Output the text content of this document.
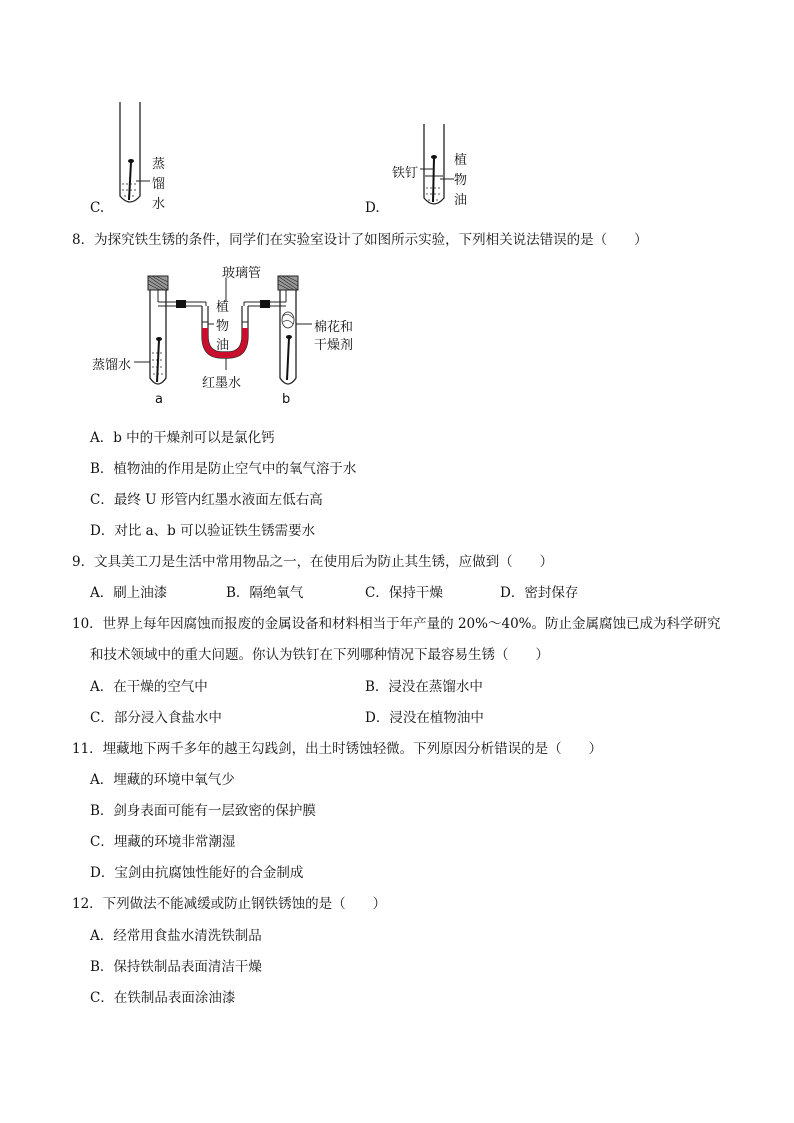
蒸
馏
水
C.
铁钉
植
物
油
D.
8．为探究铁生锈的条件，同学们在实验室设计了如图所示实验，下列相关说法错误的是（　　）
玻璃管
植
物
油
棉花和
干燥剂
蒸馏水
红墨水
a	b
A．b 中的干燥剂可以是氯化钙
B．植物油的作用是防止空气中的氧气溶于水
C．最终 U 形管内红墨水液面左低右高
D．对比 a、b 可以验证铁生锈需要水
9．文具美工刀是生活中常用物品之一，在使用后为防止其生锈，应做到（　　）
A．刷上油漆	B．隔绝氧气	C．保持干燥	D．密封保存
10．世界上每年因腐蚀而报废的金属设备和材料相当于年产量的 20%～40%。防止金属腐蚀已成为科学研究
和技术领域中的重大问题。你认为铁钉在下列哪种情况下最容易生锈（　　）
A．在干燥的空气中	B．浸没在蒸馏水中
C．部分浸入食盐水中	D．浸没在植物油中
11．埋藏地下两千多年的越王勾践剑，出土时锈蚀轻微。下列原因分析错误的是（　　）
A．埋藏的环境中氧气少
B．剑身表面可能有一层致密的保护膜
C．埋藏的环境非常潮湿
D．宝剑由抗腐蚀性能好的合金制成
12．下列做法不能减缓或防止钢铁锈蚀的是（　　）
A．经常用食盐水清洗铁制品
B．保持铁制品表面清洁干燥
C．在铁制品表面涂油漆
